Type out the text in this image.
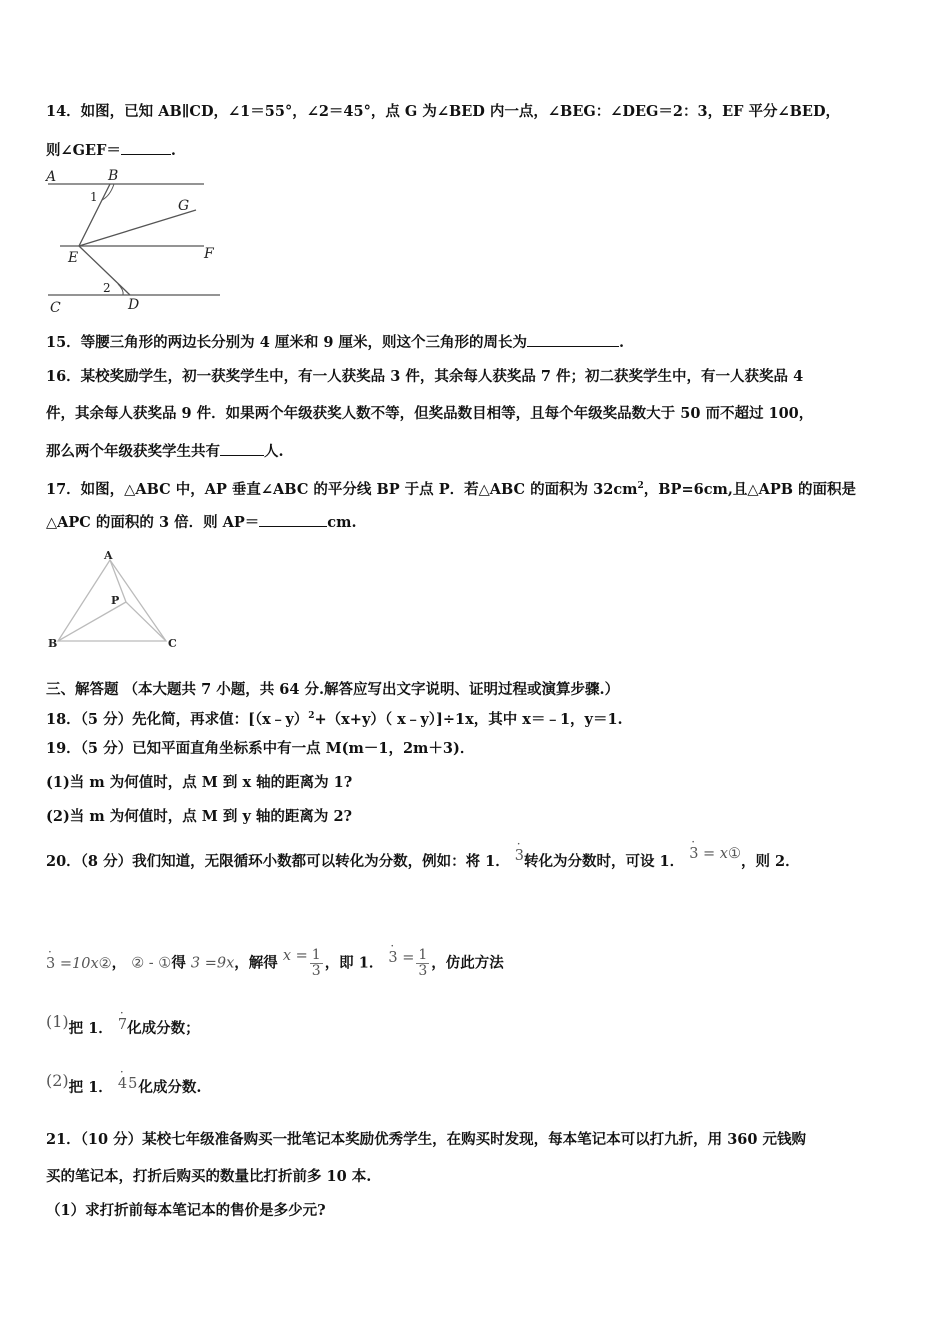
14．如图，已知 AB∥CD，∠1＝55°，∠2＝45°，点 G 为∠BED 内一点，∠BEG：∠DEG＝2：3，EF 平分∠BED，
则∠GEF＝	.
A	B
G
E	F
C	D
1
2
15．等腰三角形的两边长分别为 4 厘米和 9 厘米，则这个三角形的周长为	.
16．某校奖励学生，初一获奖学生中，有一人获奖品 3 件，其余每人获奖品 7 件；初二获奖学生中，有一人获奖品 4
件，其余每人获奖品 9 件．如果两个年级获奖人数不等，但奖品数目相等，且每个年级奖品数大于 50 而不超过 100，
那么两个年级获奖学生共有	人.
17．如图，△ABC 中，AP 垂直∠ABC 的平分线 BP 于点 P．若△ABC 的面积为 $32cm^2$，BP=6cm,且△APB 的面积是
△APC 的面积的 3 倍．则 AP＝	cm.
A
B	C
P
三、解答题 （本大题共 7 小题，共 64 分.解答应写出文字说明、证明过程或演算步骤.）
18．（5 分）先化简，再求值：[（x﹣y）$^2$+（x+y）（ x﹣y）]÷1x，其中 x＝﹣1，y＝1.
19．（5 分）已知平面直角坐标系中有一点 M(m－1，2m＋3)．
(1)当 m 为何值时，点 M 到 x 轴的距离为 1?
(2)当 m 为何值时，点 M 到 y 轴的距离为 2?
20．（8 分）我们知道，无限循环小数都可以转化为分数，例如：将 1． · 3转化为分数时，可设 1． · 3 = x①，则 2．
· 3 =10x②， ② - ①得 3 =9x，解得 $x = \frac{1}{3}$ ，即 1． · $3 = \frac{1}{3}$ ，仿此方法
(1)把 1． · 7化成分数；
(2)把 1． · 45化成分数.
21．（10 分）某校七年级准备购买一批笔记本奖励优秀学生，在购买时发现，每本笔记本可以打九折，用 360 元钱购
买的笔记本，打折后购买的数量比打折前多 10 本.
（1）求打折前每本笔记本的售价是多少元?
